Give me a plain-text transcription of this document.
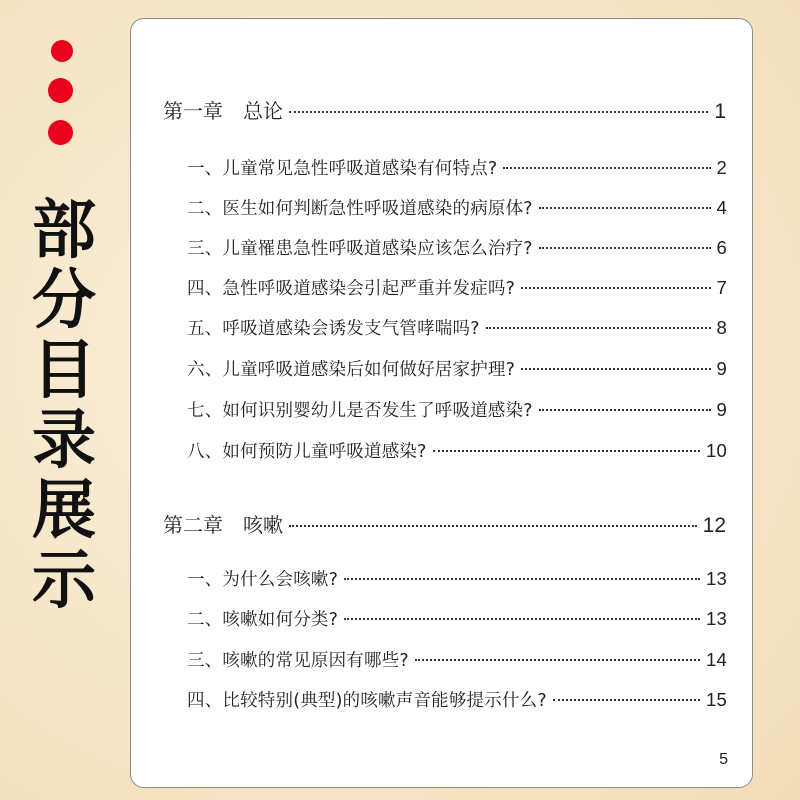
部
分
目
录
展
示
第一章　总论	1
一、儿童常见急性呼吸道感染有何特点?	2
二、医生如何判断急性呼吸道感染的病原体?	4
三、儿童罹患急性呼吸道感染应该怎么治疗?	6
四、急性呼吸道感染会引起严重并发症吗?	7
五、呼吸道感染会诱发支气管哮喘吗?	8
六、儿童呼吸道感染后如何做好居家护理?	9
七、如何识别婴幼儿是否发生了呼吸道感染?	9
八、如何预防儿童呼吸道感染?	10
第二章　咳嗽	12
一、为什么会咳嗽?	13
二、咳嗽如何分类?	13
三、咳嗽的常见原因有哪些?	14
四、比较特别(典型)的咳嗽声音能够提示什么?	15
5
